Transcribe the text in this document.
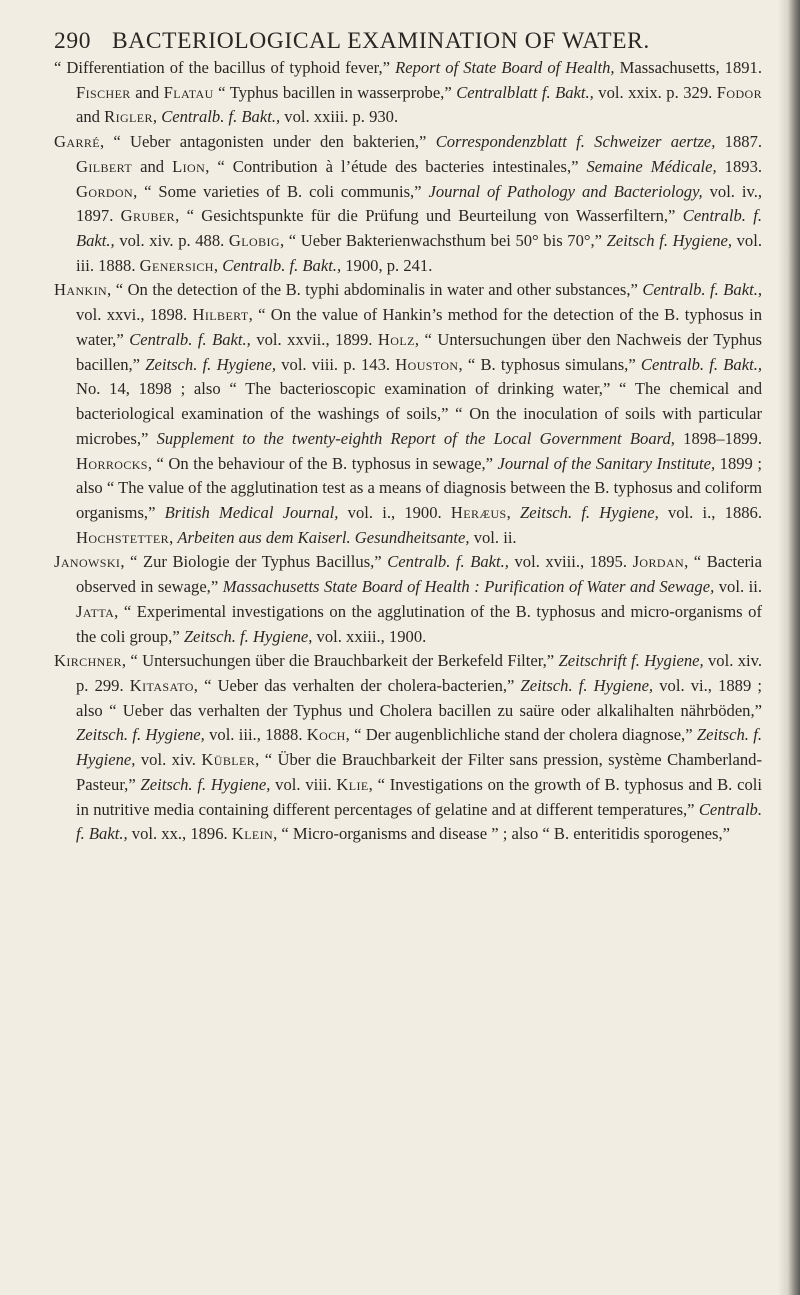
290 BACTERIOLOGICAL EXAMINATION OF WATER.

“ Differentiation of the bacillus of typhoid fever,” Report of State Board of Health, Massachusetts, 1891. Fischer and Flatau “ Typhus bacillen in wasserprobe,” Centralblatt f. Bakt., vol. xxix. p. 329. Fodor and Rigler, Centralb. f. Bakt., vol. xxiii. p. 930.

Garré, “ Ueber antagonisten under den bakterien,” Correspondenzblatt f. Schweizer aertze, 1887. Gilbert and Lion, “ Contribution à l’étude des bacteries intestinales,” Semaine Médicale, 1893. Gordon, “ Some varieties of B. coli communis,” Journal of Pathology and Bacteriology, vol. iv., 1897. Gruber, “ Gesichtspunkte für die Prüfung und Beurteilung von Wasserfiltern,” Centralb. f. Bakt., vol. xiv. p. 488. Globig, “ Ueber Bakterienwachsthum bei 50° bis 70°,” Zeitsch f. Hygiene, vol. iii. 1888. Genersich, Centralb. f. Bakt., 1900, p. 241.

Hankin, “ On the detection of the B. typhi abdominalis in water and other substances,” Centralb. f. Bakt., vol. xxvi., 1898. Hilbert, “ On the value of Hankin’s method for the detection of the B. typhosus in water,” Centralb. f. Bakt., vol. xxvii., 1899. Holz, “ Untersuchungen über den Nachweis der Typhus bacillen,” Zeitsch. f. Hygiene, vol. viii. p. 143. Houston, “ B. typhosus simulans,” Centralb. f. Bakt., No. 14, 1898 ; also “ The bacterioscopic examination of drinking water,” “ The chemical and bacteriological examination of the washings of soils,” “ On the inoculation of soils with particular microbes,” Supplement to the twenty-eighth Report of the Local Government Board, 1898–1899. Horrocks, “ On the behaviour of the B. typhosus in sewage,” Journal of the Sanitary Institute, 1899 ; also “ The value of the agglutination test as a means of diagnosis between the B. typhosus and coliform organisms,” British Medical Journal, vol. i., 1900. Heræus, Zeitsch. f. Hygiene, vol. i., 1886. Hochstetter, Arbeiten aus dem Kaiserl. Gesundheitsante, vol. ii.

Janowski, “ Zur Biologie der Typhus Bacillus,” Centralb. f. Bakt., vol. xviii., 1895. Jordan, “ Bacteria observed in sewage,” Massachusetts State Board of Health : Purification of Water and Sewage, vol. ii. Jatta, “ Experimental investigations on the agglutination of the B. typhosus and micro-organisms of the coli group,” Zeitsch. f. Hygiene, vol. xxiii., 1900.

Kirchner, “ Untersuchungen über die Brauchbarkeit der Berkefeld Filter,” Zeitschrift f. Hygiene, vol. xiv. p. 299. Kitasato, “ Ueber das verhalten der cholera-bacterien,” Zeitsch. f. Hygiene, vol. vi., 1889 ; also “ Ueber das verhalten der Typhus und Cholera bacillen zu saüre oder alkalihalten nährböden,” Zeitsch. f. Hygiene, vol. iii., 1888. Koch, “ Der augenblichliche stand der cholera diagnose,” Zeitsch. f. Hygiene, vol. xiv. Kübler, “ Über die Brauchbarkeit der Filter sans pression, système Chamberland-Pasteur,” Zeitsch. f. Hygiene, vol. viii. Klie, “ Investigations on the growth of B. typhosus and B. coli in nutritive media containing different percentages of gelatine and at different temperatures,” Centralb. f. Bakt., vol. xx., 1896. Klein, “ Micro-organisms and disease ” ; also “ B. enteritidis sporogenes,”
